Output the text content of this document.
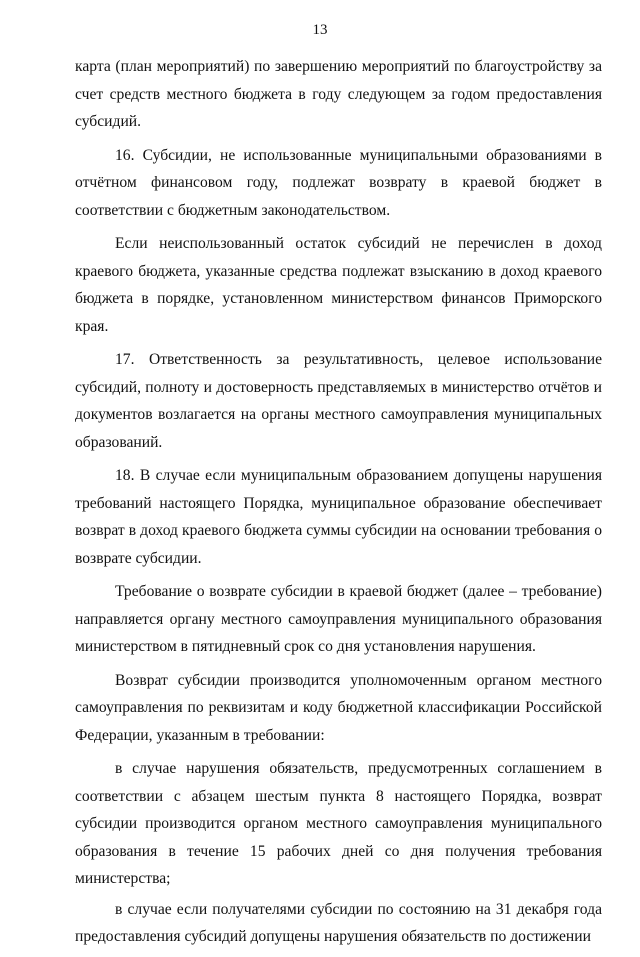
13

карта (план мероприятий) по завершению мероприятий по благоустройству за счет средств местного бюджета в году следующем за годом предоставления субсидий.

16. Субсидии, не использованные муниципальными образованиями в отчётном финансовом году, подлежат возврату в краевой бюджет в соответствии с бюджетным законодательством.

Если неиспользованный остаток субсидий не перечислен в доход краевого бюджета, указанные средства подлежат взысканию в доход краевого бюджета в порядке, установленном министерством финансов Приморского края.

17. Ответственность за результативность, целевое использование субсидий, полноту и достоверность представляемых в министерство отчётов и документов возлагается на органы местного самоуправления муниципальных образований.

18. В случае если муниципальным образованием допущены нарушения требований настоящего Порядка, муниципальное образование обеспечивает возврат в доход краевого бюджета суммы субсидии на основании требования о возврате субсидии.

Требование о возврате субсидии в краевой бюджет (далее – требование) направляется органу местного самоуправления муниципального образования министерством в пятидневный срок со дня установления нарушения.

Возврат субсидии производится уполномоченным органом местного самоуправления по реквизитам и коду бюджетной классификации Российской Федерации, указанным в требовании:

в случае нарушения обязательств, предусмотренных соглашением в соответствии с абзацем шестым пункта 8 настоящего Порядка, возврат субсидии производится органом местного самоуправления муниципального образования в течение 15 рабочих дней со дня получения требования министерства;

в случае если получателями субсидии по состоянию на 31 декабря года предоставления субсидий допущены нарушения обязательств по достижении
